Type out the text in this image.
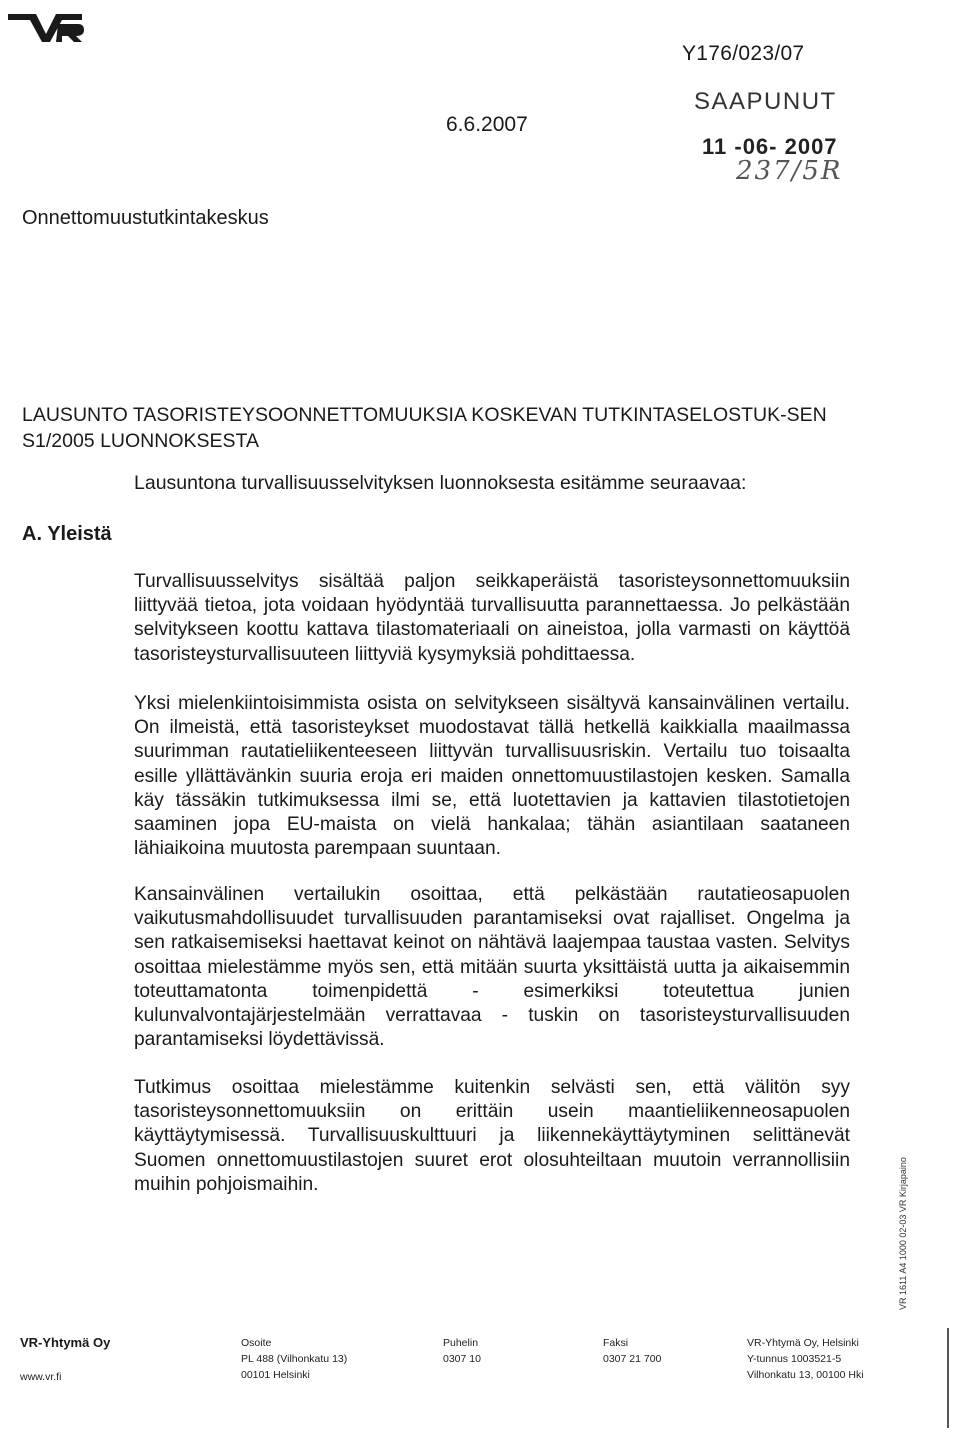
Y176/023/07
6.6.2007
SAAPUNUT
11 -06- 2007
237/5R
Onnettomuustutkintakeskus
LAUSUNTO TASORISTEYSOONNETTOMUUKSIA KOSKEVAN TUTKINTASELOSTUK-SEN S1/2005 LUONNOKSESTA
Lausuntona turvallisuusselvityksen luonnoksesta esitämme seuraavaa:
A. Yleistä

Turvallisuusselvitys sisältää paljon seikkaperäistä tasoristeysonnettomuuksiin liittyvää tietoa, jota voidaan hyödyntää turvallisuutta parannettaessa. Jo pelkästään selvitykseen koottu kattava tilastomateriaali on aineistoa, jolla varmasti on käyttöä tasoristeysturvallisuuteen liittyviä kysymyksiä pohdittaessa.

Yksi mielenkiintoisimmista osista on selvitykseen sisältyvä kansainvälinen vertailu. On ilmeistä, että tasoristeykset muodostavat tällä hetkellä kaikkialla maailmassa suurimman rautatieliikenteeseen liittyvän turvallisuusriskin. Vertailu tuo toisaalta esille yllättävänkin suuria eroja eri maiden onnettomuustilastojen kesken. Samalla käy tässäkin tutkimuksessa ilmi se, että luotettavien ja kattavien tilastotietojen saaminen jopa EU-maista on vielä hankalaa; tähän asiantilaan saataneen lähiaikoina muutosta parempaan suuntaan.

Kansainvälinen vertailukin osoittaa, että pelkästään rautatieosapuolen vaikutusmahdollisuudet turvallisuuden parantamiseksi ovat rajalliset. Ongelma ja sen ratkaisemiseksi haettavat keinot on nähtävä laajempaa taustaa vasten. Selvitys osoittaa mielestämme myös sen, että mitään suurta yksittäistä uutta ja aikaisemmin toteuttamatonta toimenpidettä - esimerkiksi toteutettua junien kulunvalvontajärjestelmään verrattavaa - tuskin on tasoristeysturvallisuuden parantamiseksi löydettävissä.

Tutkimus osoittaa mielestämme kuitenkin selvästi sen, että välitön syy tasoristeysonnettomuuksiin on erittäin usein maantieliikenneosapuolen käyttäytymisessä. Turvallisuuskulttuuri ja liikennekäyttäytyminen selittänevät Suomen onnettomuustilastojen suuret erot olosuhteiltaan muutoin verrannollisiin muihin pohjoismaihin.	VR 1611 A4 1000 02-03 VR Kirjapaino
VR-Yhtymä Oy
www.vr.fi
Osoite
PL 488 (Vilhonkatu 13)
00101 Helsinki
Puhelin
0307 10
Faksi
0307 21 700
VR-Yhtymä Oy, Helsinki
Y-tunnus 1003521-5
Vilhonkatu 13, 00100 Hki
